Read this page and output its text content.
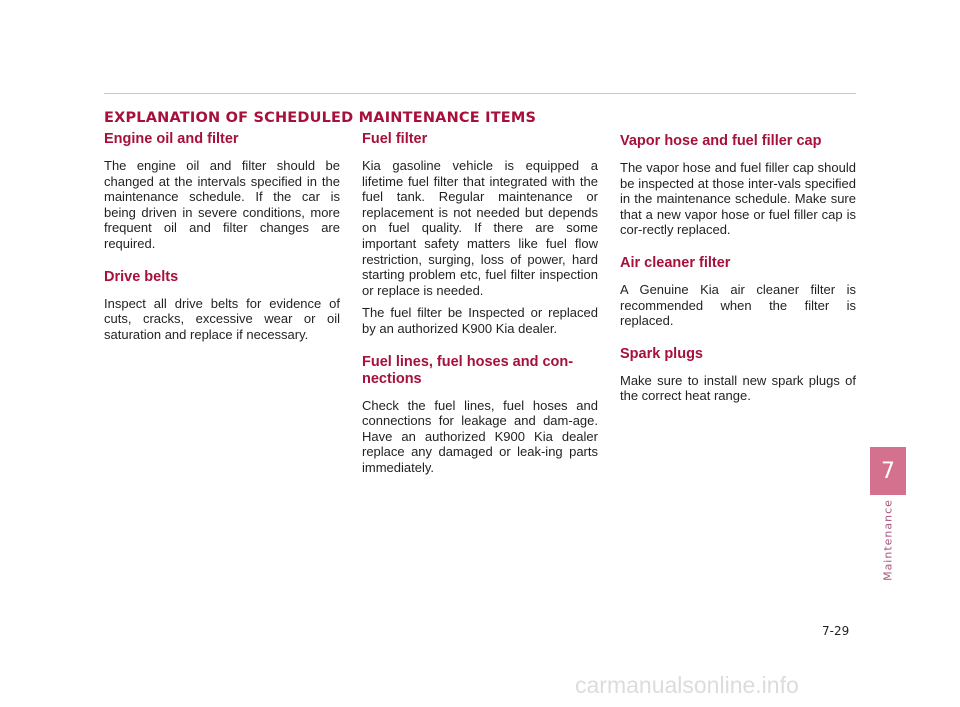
EXPLANATION OF SCHEDULED MAINTENANCE ITEMS
Engine oil and filter

The engine oil and filter should be changed at the intervals specified in the maintenance schedule. If the car is being driven in severe conditions, more frequent oil and filter changes are required.

Drive belts

Inspect all drive belts for evidence of cuts, cracks, excessive wear or oil saturation and replace if necessary.

Fuel filter

Kia gasoline vehicle is equipped a lifetime fuel filter that integrated with the fuel tank. Regular maintenance or replacement is not needed but depends on fuel quality. If there are some important safety matters like fuel flow restriction, surging, loss of power, hard starting problem etc, fuel filter inspection or replace is needed.

The fuel filter be Inspected or replaced by an authorized K900 Kia dealer.

Fuel lines, fuel hoses and con-nections

Check the fuel lines, fuel hoses and connections for leakage and dam-age. Have an authorized K900 Kia dealer replace any damaged or leak-ing parts immediately.

Vapor hose and fuel filler cap

The vapor hose and fuel filler cap should be inspected at those inter-vals specified in the maintenance schedule. Make sure that a new vapor hose or fuel filler cap is cor-rectly replaced.

Air cleaner filter

A Genuine Kia air cleaner filter is recommended when the filter is replaced.

Spark plugs

Make sure to install new spark plugs of the correct heat range.

7
Maintenance
7-29
carmanualsonline.info
